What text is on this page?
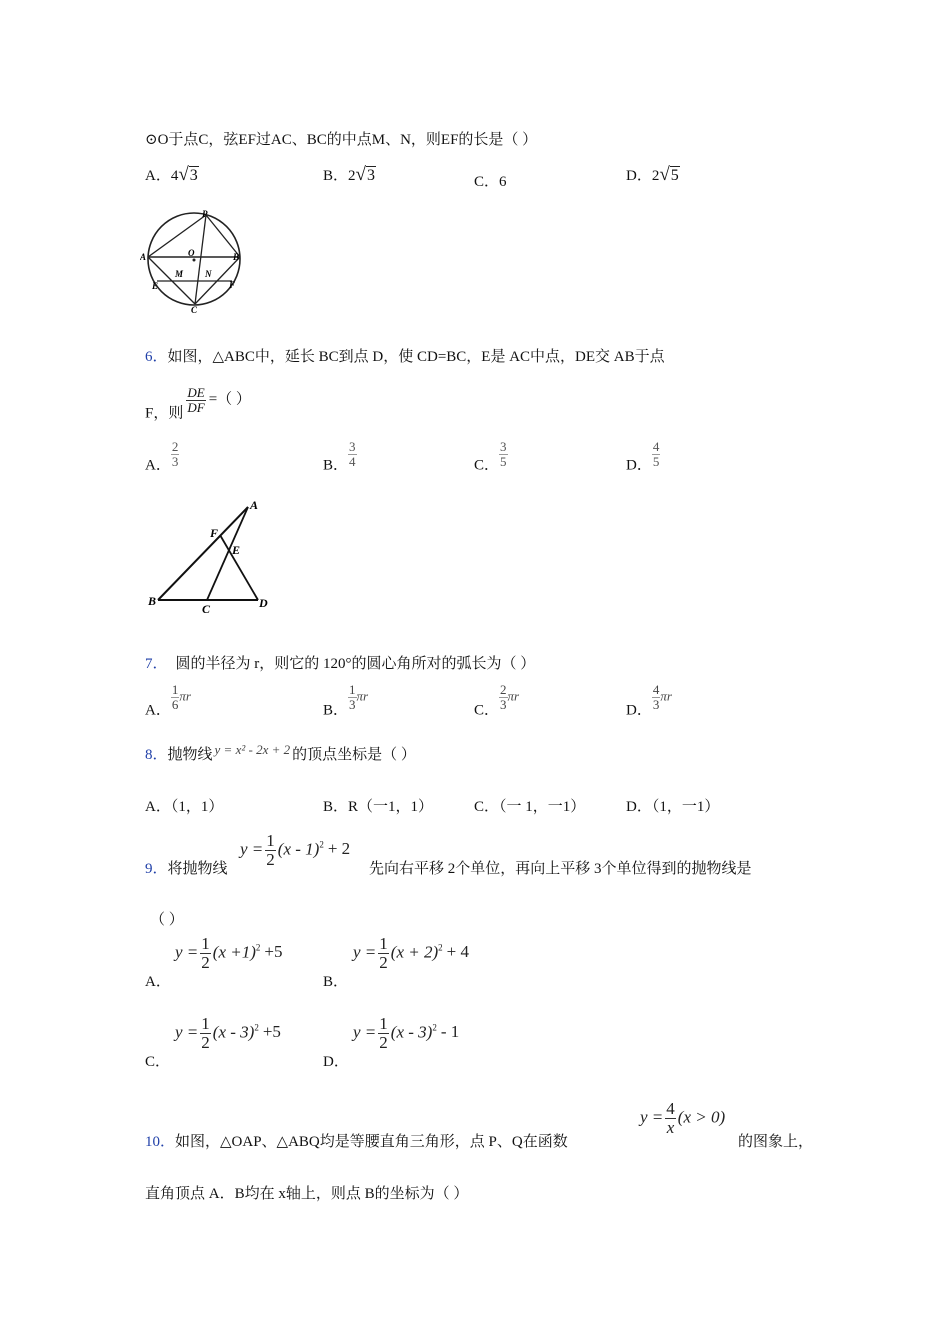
⊙O于点C，弦EF过AC、BC的中点M、N，则EF的长是（ ）
A．4√3	B．2√3	C．6	D．2√5
P
A	B
O
M N
E	F
C
6．如图，△ABC中，延长 BC到点 D，使 CD=BC，E是 AC中点，DE交 AB于点
F，则 $\frac{DE}{DF}$ =（ ）
A． $\frac{2}{3}$	B． $\frac{3}{4}$	C． $\frac{3}{5}$	D． $\frac{4}{5}$
A
F
E
B
C	D
7． 圆的半径为 r，则它的 120°的圆心角所对的弧长为（ ）
A． $\frac{1}{6}$ πr
B． $\frac{1}{3}$ πr
C． $\frac{2}{3}$ πr
D． $\frac{4}{3}$ πr
8．抛物线 y = x² - 2x + 2 的顶点坐标是（ ）
A．（1，1）	B．R（一1，1）	C．（一 1，一1）	D．（1，一1）
9．将抛物线
$y = \frac{1}{2} (x - 1)^2 + 2$
先向右平移 2个单位，再向上平移 3个单位得到的抛物线是
（ ）
A．
$y = \frac{1}{2} (x +1)^2 +5$
B．
$y = \frac{1}{2} (x + 2)^2 + 4$
C．
$y = \frac{1}{2} (x - 3)^2 +5$
D．
$y = \frac{1}{2} (x - 3)^2 - 1$
10．如图，△OAP、△ABQ均是等腰直角三角形，点 P、Q在函数
$y = \frac{4}{x} (x > 0)$
的图象上，
直角顶点 A．B均在 x轴上，则点 B的坐标为（ ）
